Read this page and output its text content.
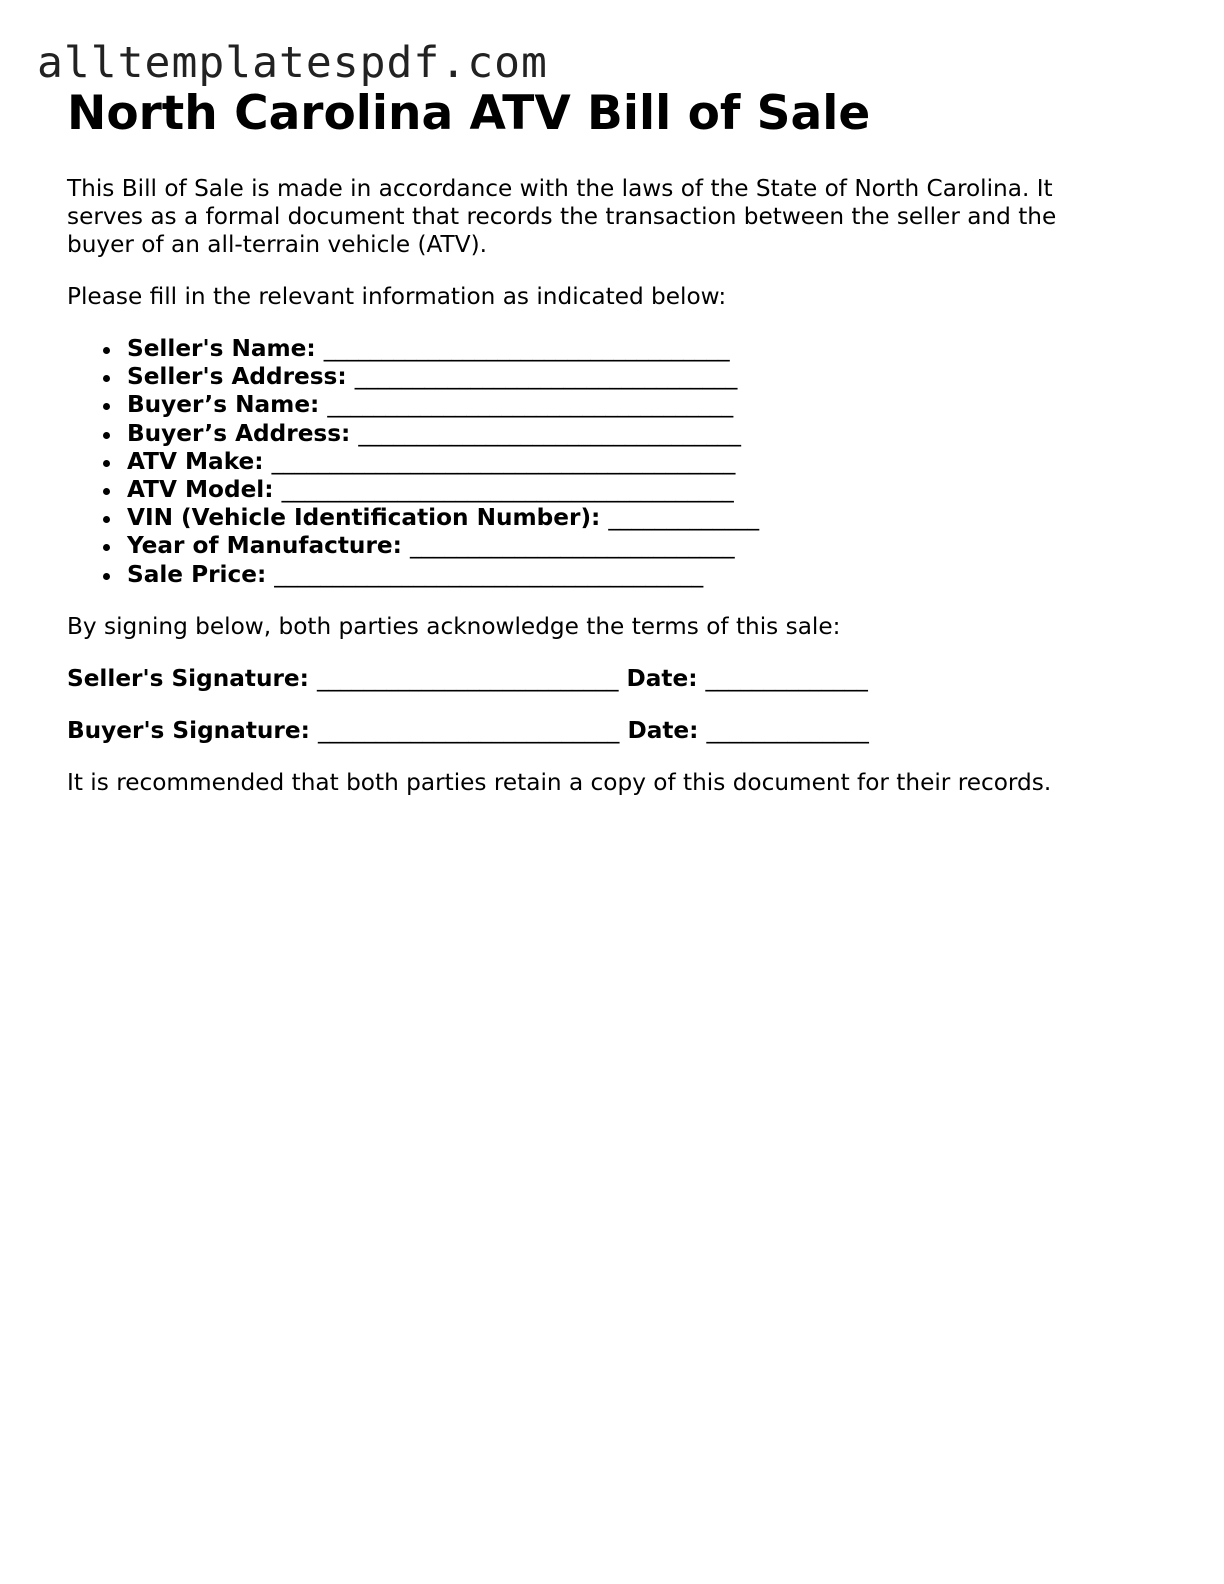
alltemplatespdf.com
North Carolina ATV Bill of Sale

This Bill of Sale is made in accordance with the laws of the State of North Carolina. It serves as a formal document that records the transaction between the seller and the buyer of an all-terrain vehicle (ATV).

Please fill in the relevant information as indicated below:

Seller's Name: ___________________________________
Seller's Address: _________________________________
Buyer’s Name: ___________________________________
Buyer’s Address: _________________________________
ATV Make: ________________________________________
ATV Model: _______________________________________
VIN (Vehicle Identification Number): _____________
Year of Manufacture: ____________________________
Sale Price: _____________________________________

By signing below, both parties acknowledge the terms of this sale:

Seller's Signature: __________________________ Date: ______________
Buyer's Signature: __________________________ Date: ______________

It is recommended that both parties retain a copy of this document for their records.
